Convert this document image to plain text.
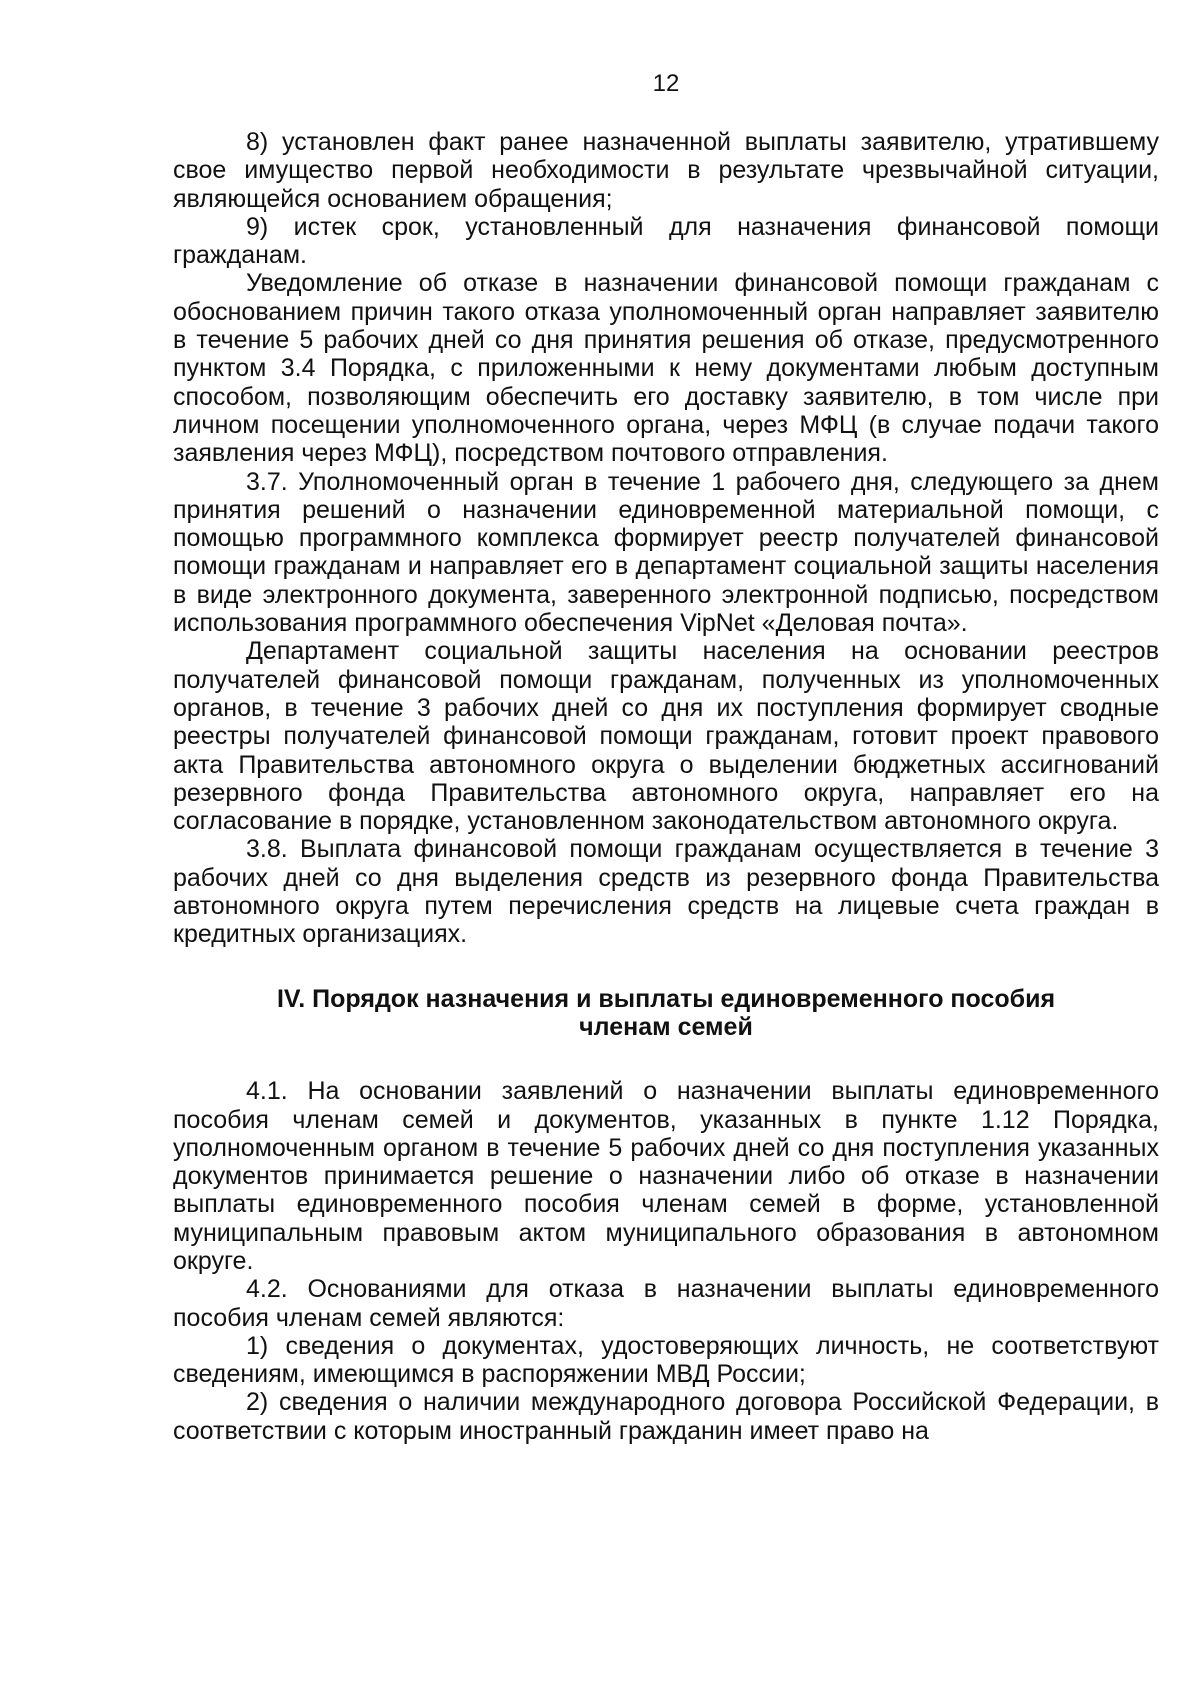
12

8) установлен факт ранее назначенной выплаты заявителю, утратившему свое имущество первой необходимости в результате чрезвычайной ситуации, являющейся основанием обращения;

9) истек срок, установленный для назначения финансовой помощи гражданам.

Уведомление об отказе в назначении финансовой помощи гражданам с обоснованием причин такого отказа уполномоченный орган направляет заявителю в течение 5 рабочих дней со дня принятия решения об отказе, предусмотренного пунктом 3.4 Порядка, с приложенными к нему документами любым доступным способом, позволяющим обеспечить его доставку заявителю, в том числе при личном посещении уполномоченного органа, через МФЦ (в случае подачи такого заявления через МФЦ), посредством почтового отправления.

3.7. Уполномоченный орган в течение 1 рабочего дня, следующего за днем принятия решений о назначении единовременной материальной помощи, с помощью программного комплекса формирует реестр получателей финансовой помощи гражданам и направляет его в департамент социальной защиты населения в виде электронного документа, заверенного электронной подписью, посредством использования программного обеспечения VipNet «Деловая почта».

Департамент социальной защиты населения на основании реестров получателей финансовой помощи гражданам, полученных из уполномоченных органов, в течение 3 рабочих дней со дня их поступления формирует сводные реестры получателей финансовой помощи гражданам, готовит проект правового акта Правительства автономного округа о выделении бюджетных ассигнований резервного фонда Правительства автономного округа, направляет его на согласование в порядке, установленном законодательством автономного округа.

3.8. Выплата финансовой помощи гражданам осуществляется в течение 3 рабочих дней со дня выделения средств из резервного фонда Правительства автономного округа путем перечисления средств на лицевые счета граждан в кредитных организациях.

IV. Порядок назначения и выплаты единовременного пособия членам семей

4.1. На основании заявлений о назначении выплаты единовременного пособия членам семей и документов, указанных в пункте 1.12 Порядка, уполномоченным органом в течение 5 рабочих дней со дня поступления указанных документов принимается решение о назначении либо об отказе в назначении выплаты единовременного пособия членам семей в форме, установленной муниципальным правовым актом муниципального образования в автономном округе.

4.2. Основаниями для отказа в назначении выплаты единовременного пособия членам семей являются:

1) сведения о документах, удостоверяющих личность, не соответствуют сведениям, имеющимся в распоряжении МВД России;

2) сведения о наличии международного договора Российской Федерации, в соответствии с которым иностранный гражданин имеет право на
